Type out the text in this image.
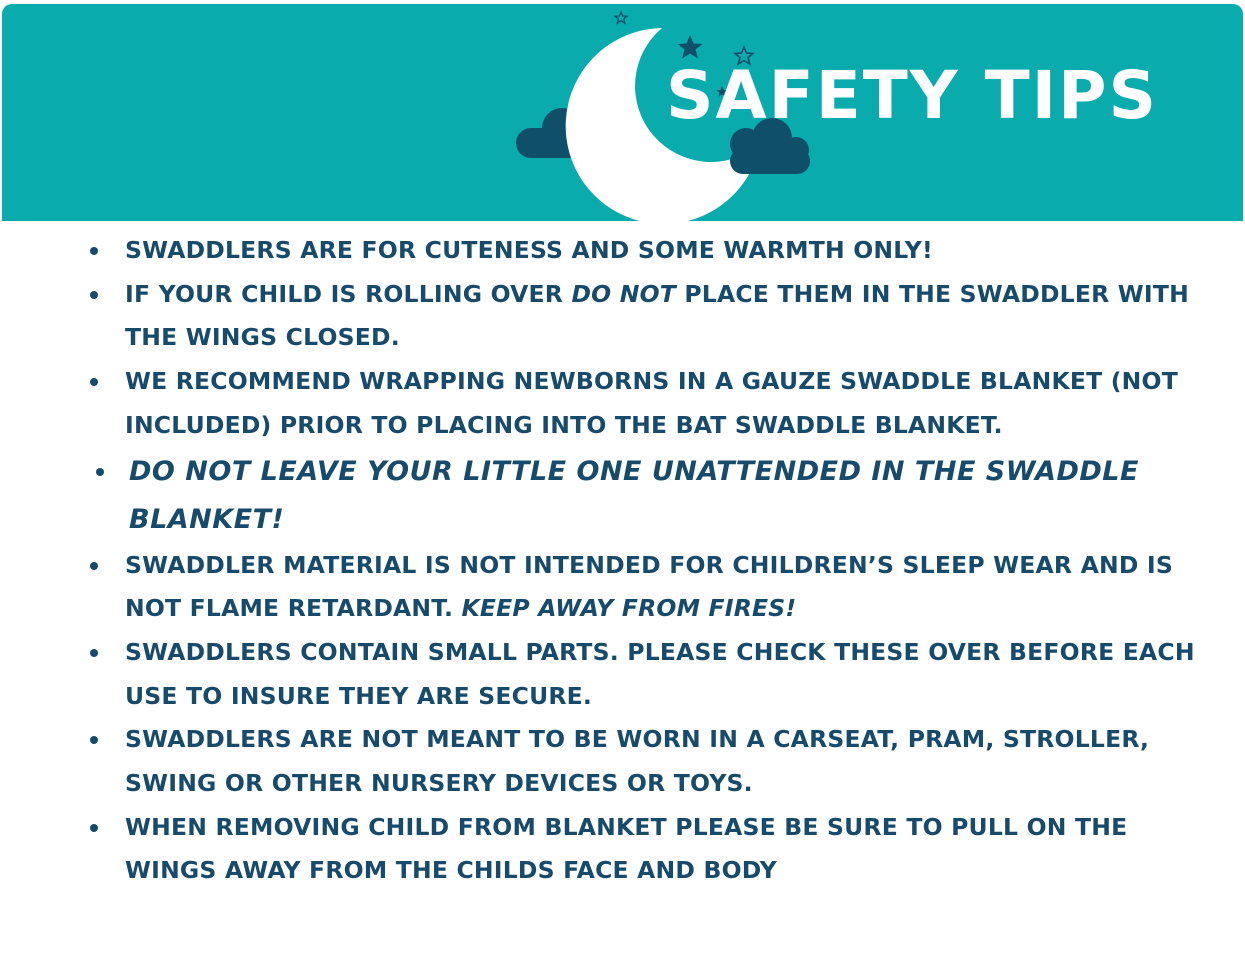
SAFETY TIPS
SWADDLERS ARE FOR CUTENESS AND SOME WARMTH ONLY!
IF YOUR CHILD IS ROLLING OVER DO NOT PLACE THEM IN THE SWADDLER WITH THE WINGS CLOSED.
WE RECOMMEND WRAPPING NEWBORNS IN A GAUZE SWADDLE BLANKET (NOT INCLUDED) PRIOR TO PLACING INTO THE BAT SWADDLE BLANKET.
DO NOT LEAVE YOUR LITTLE ONE UNATTENDED IN THE SWADDLE BLANKET!
SWADDLER MATERIAL IS NOT INTENDED FOR CHILDREN’S SLEEP WEAR AND IS NOT FLAME RETARDANT. KEEP AWAY FROM FIRES!
SWADDLERS CONTAIN SMALL PARTS. PLEASE CHECK THESE OVER BEFORE EACH USE TO INSURE THEY ARE SECURE.
SWADDLERS ARE NOT MEANT TO BE WORN IN A CARSEAT, PRAM, STROLLER, SWING OR OTHER NURSERY DEVICES OR TOYS.
WHEN REMOVING CHILD FROM BLANKET PLEASE BE SURE TO PULL ON THE WINGS AWAY FROM THE CHILDS FACE AND BODY
